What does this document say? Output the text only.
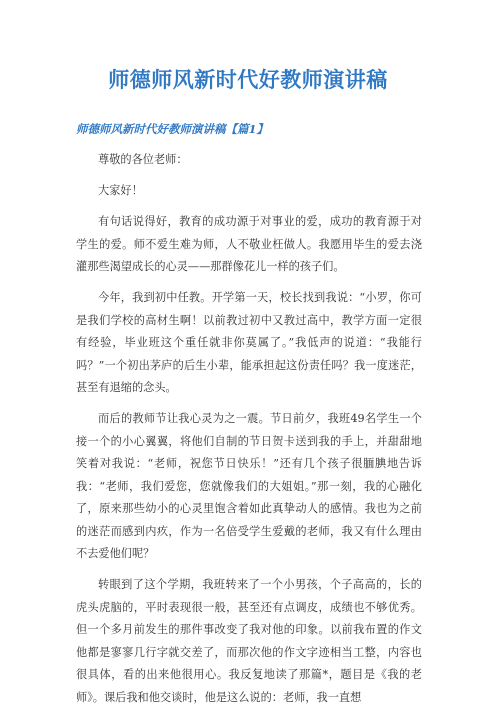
师德师风新时代好教师演讲稿
师德师风新时代好教师演讲稿【篇1】

尊敬的各位老师：

大家好！

有句话说得好，教育的成功源于对事业的爱，成功的教育源于对学生的爱。师不爱生难为师，人不敬业枉做人。我愿用毕生的爱去浇灌那些渴望成长的心灵——那群像花儿一样的孩子们。

今年，我到初中任教。开学第一天，校长找到我说：“小罗，你可是我们学校的高材生啊！以前教过初中又教过高中，教学方面一定很有经验，毕业班这个重任就非你莫属了。”我低声的说道：“我能行吗？”一个初出茅庐的后生小辈，能承担起这份责任吗？我一度迷茫，甚至有退缩的念头。

而后的教师节让我心灵为之一震。节日前夕，我班49名学生一个接一个的小心翼翼，将他们自制的节日贺卡送到我的手上，并甜甜地笑着对我说：“老师，祝您节日快乐！”还有几个孩子很腼腆地告诉我：“老师，我们爱您，您就像我们的大姐姐。”那一刻，我的心融化了，原来那些幼小的心灵里饱含着如此真挚动人的感情。我也为之前的迷茫而感到内疚，作为一名倍受学生爱戴的老师，我又有什么理由不去爱他们呢？

转眼到了这个学期，我班转来了一个小男孩，个子高高的，长的虎头虎脑的，平时表现很一般，甚至还有点调皮，成绩也不够优秀。但一个多月前发生的那件事改变了我对他的印象。以前我布置的作文他都是寥寥几行字就交差了，而那次他的作文字迹相当工整，内容也很具体，看的出来他很用心。我反复地读了那篇*，题目是《我的老师》。课后我和他交谈时，他是这么说的：老师，我一直想
